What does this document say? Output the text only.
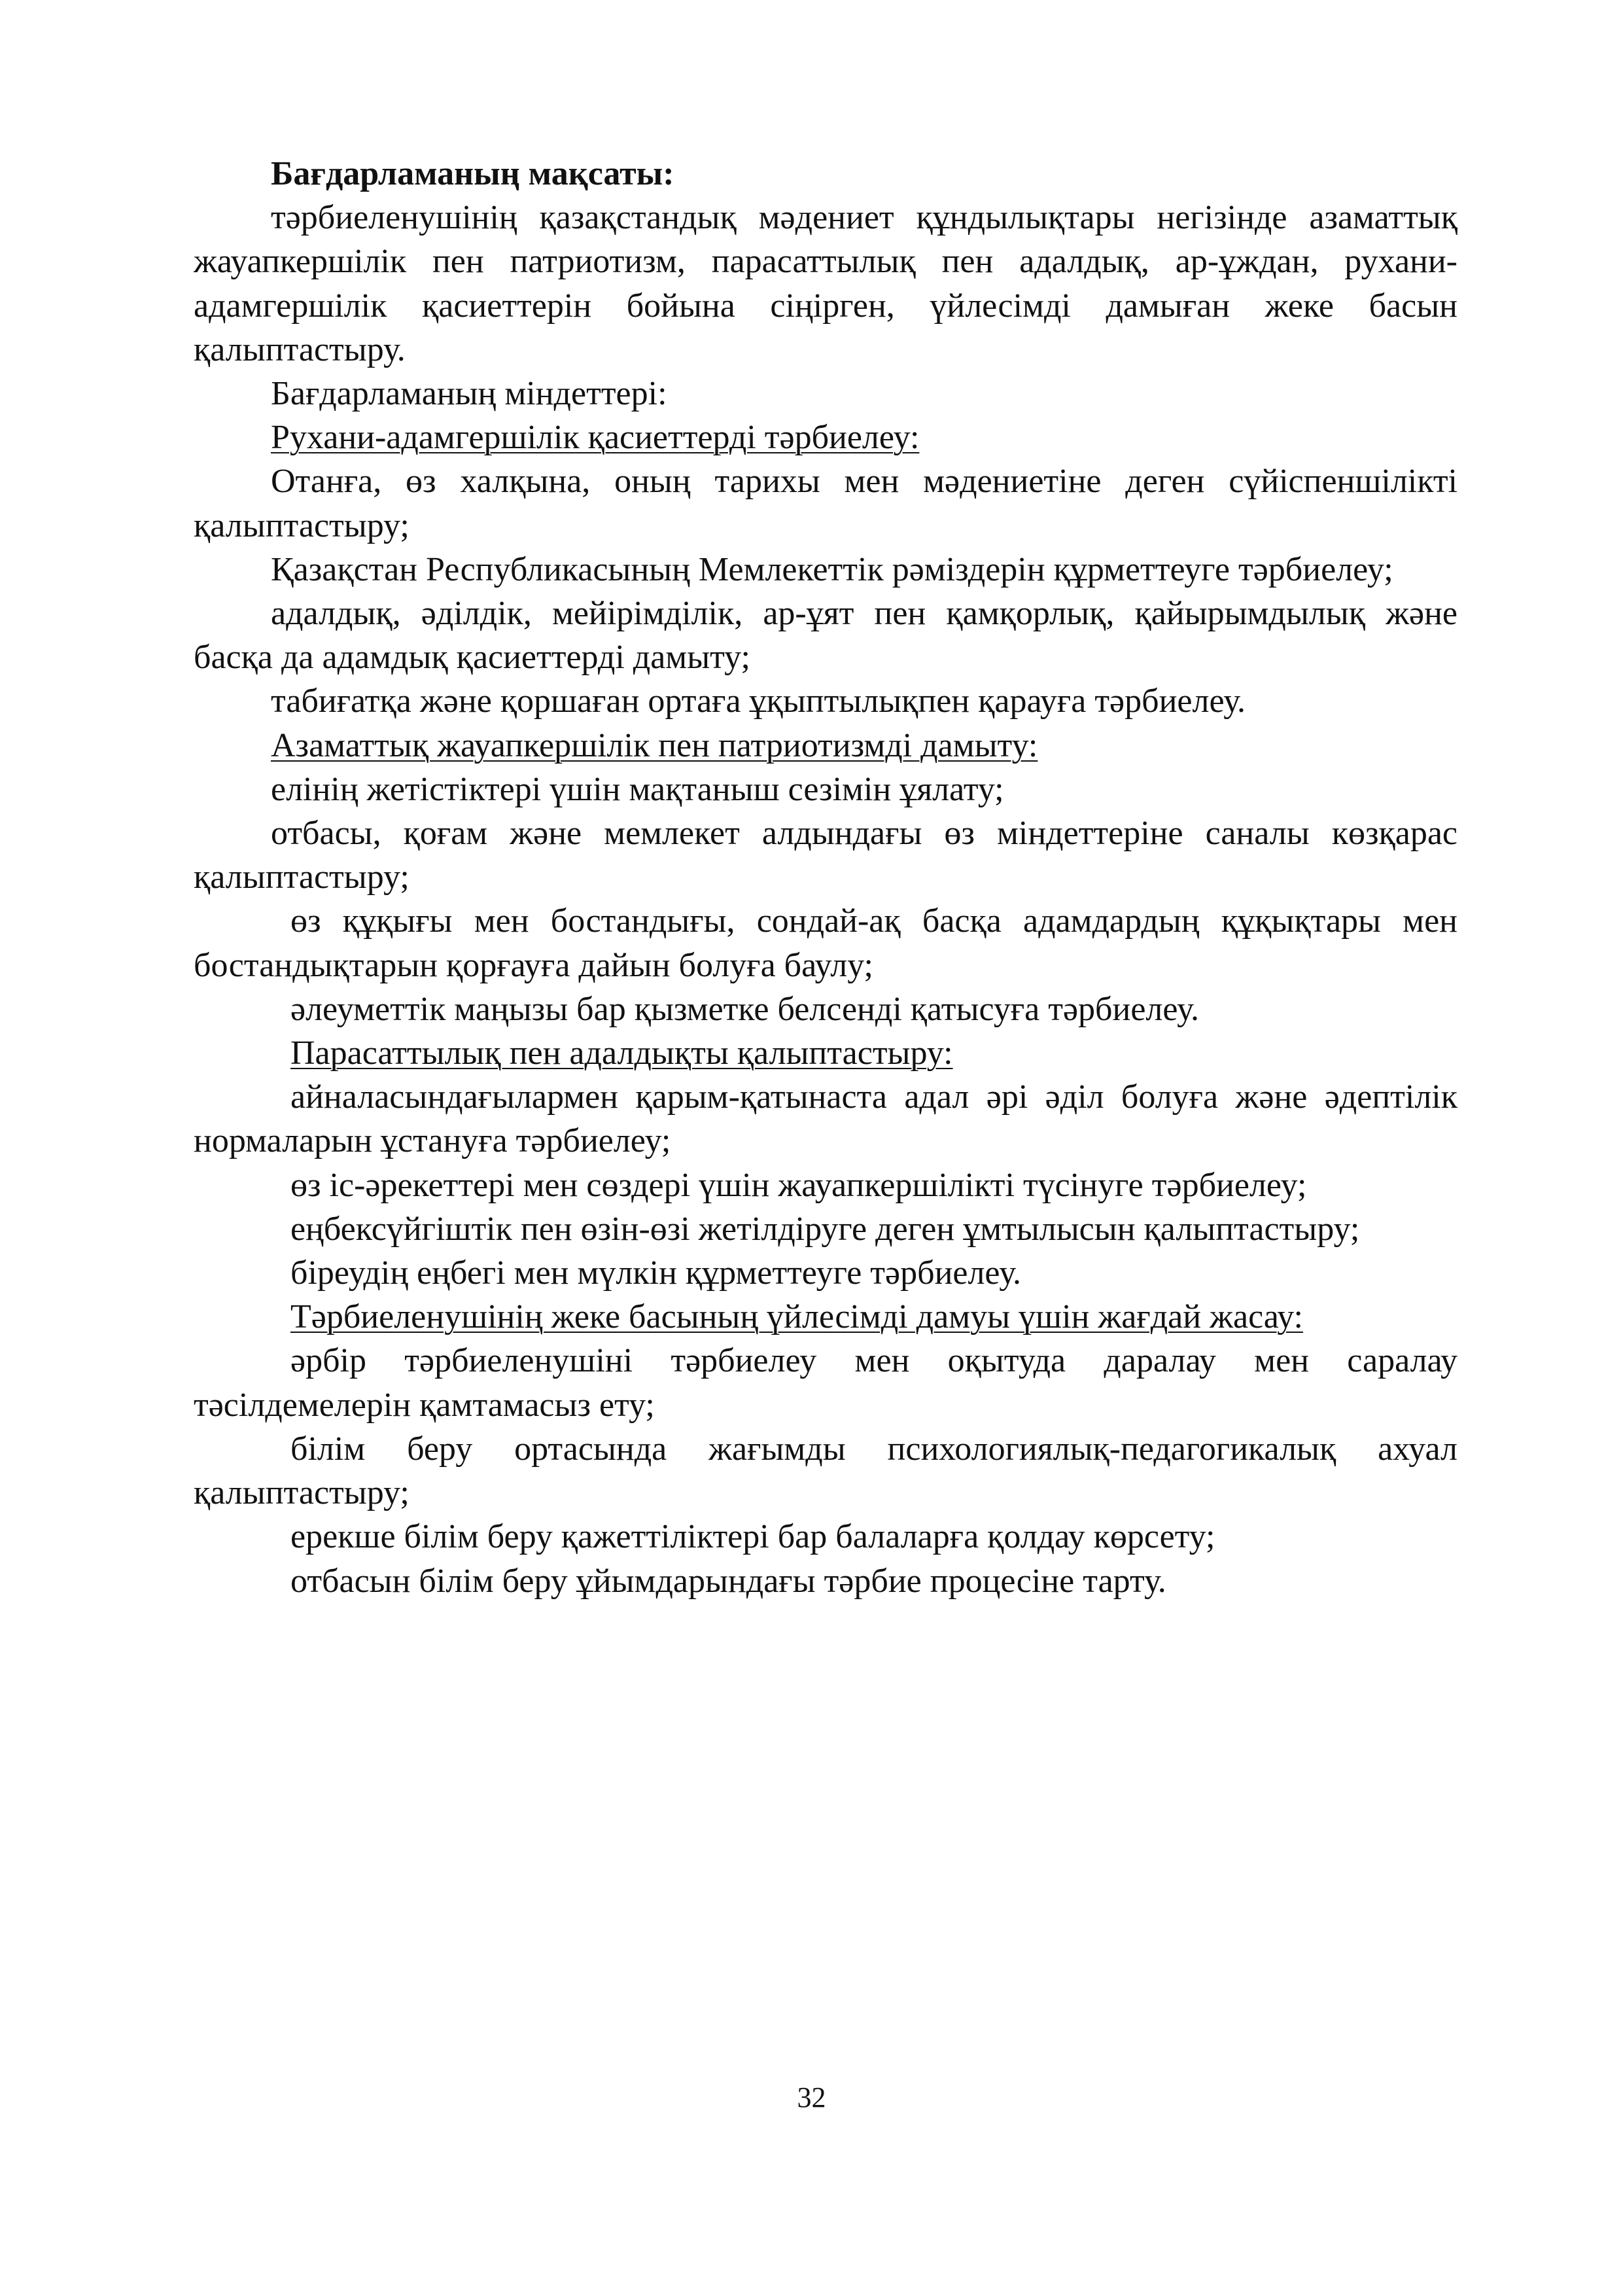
Бағдарламаның мақсаты:

тәрбиеленушінің қазақстандық мәдениет құндылықтары негізінде азаматтық жауапкершілік пен патриотизм, парасаттылық пен адалдық, ар-ұждан, рухани- адамгершілік қасиеттерін бойына сіңірген, үйлесімді дамыған жеке басын қалыптастыру.

Бағдарламаның міндеттері:

Рухани-адамгершілік қасиеттерді тәрбиелеу:

Отанға, өз халқына, оның тарихы мен мәдениетіне деген сүйіспеншілікті қалыптастыру;

Қазақстан Республикасының Мемлекеттік рәміздерін құрметтеуге тәрбиелеу;

адалдық, әділдік, мейірімділік, ар-ұят пен қамқорлық, қайырымдылық және басқа да адамдық қасиеттерді дамыту;

табиғатқа және қоршаған ортаға ұқыптылықпен қарауға тәрбиелеу.

Азаматтық жауапкершілік пен патриотизмді дамыту:

елінің жетістіктері үшін мақтаныш сезімін ұялату;

отбасы, қоғам және мемлекет алдындағы өз міндеттеріне саналы көзқарас қалыптастыру;

өз құқығы мен бостандығы, сондай-ақ басқа адамдардың құқықтары мен бостандықтарын қорғауға дайын болуға баулу;

әлеуметтік маңызы бар қызметке белсенді қатысуға тәрбиелеу.

Парасаттылық пен адалдықты қалыптастыру:

айналасындағылармен қарым-қатынаста адал әрі әділ болуға және әдептілік нормаларын ұстануға тәрбиелеу;

өз іс-әрекеттері мен сөздері үшін жауапкершілікті түсінуге тәрбиелеу;

еңбексүйгіштік пен өзін-өзі жетілдіруге деген ұмтылысын қалыптастыру;

біреудің еңбегі мен мүлкін құрметтеуге тәрбиелеу.

Тәрбиеленушінің жеке басының үйлесімді дамуы үшін жағдай жасау:

әрбір тәрбиеленушіні тәрбиелеу мен оқытуда даралау мен саралау тәсілдемелерін қамтамасыз ету;

білім беру ортасында жағымды психологиялық-педагогикалық ахуал қалыптастыру;

ерекше білім беру қажеттіліктері бар балаларға қолдау көрсету;

отбасын білім беру ұйымдарындағы тәрбие процесіне тарту.

32
